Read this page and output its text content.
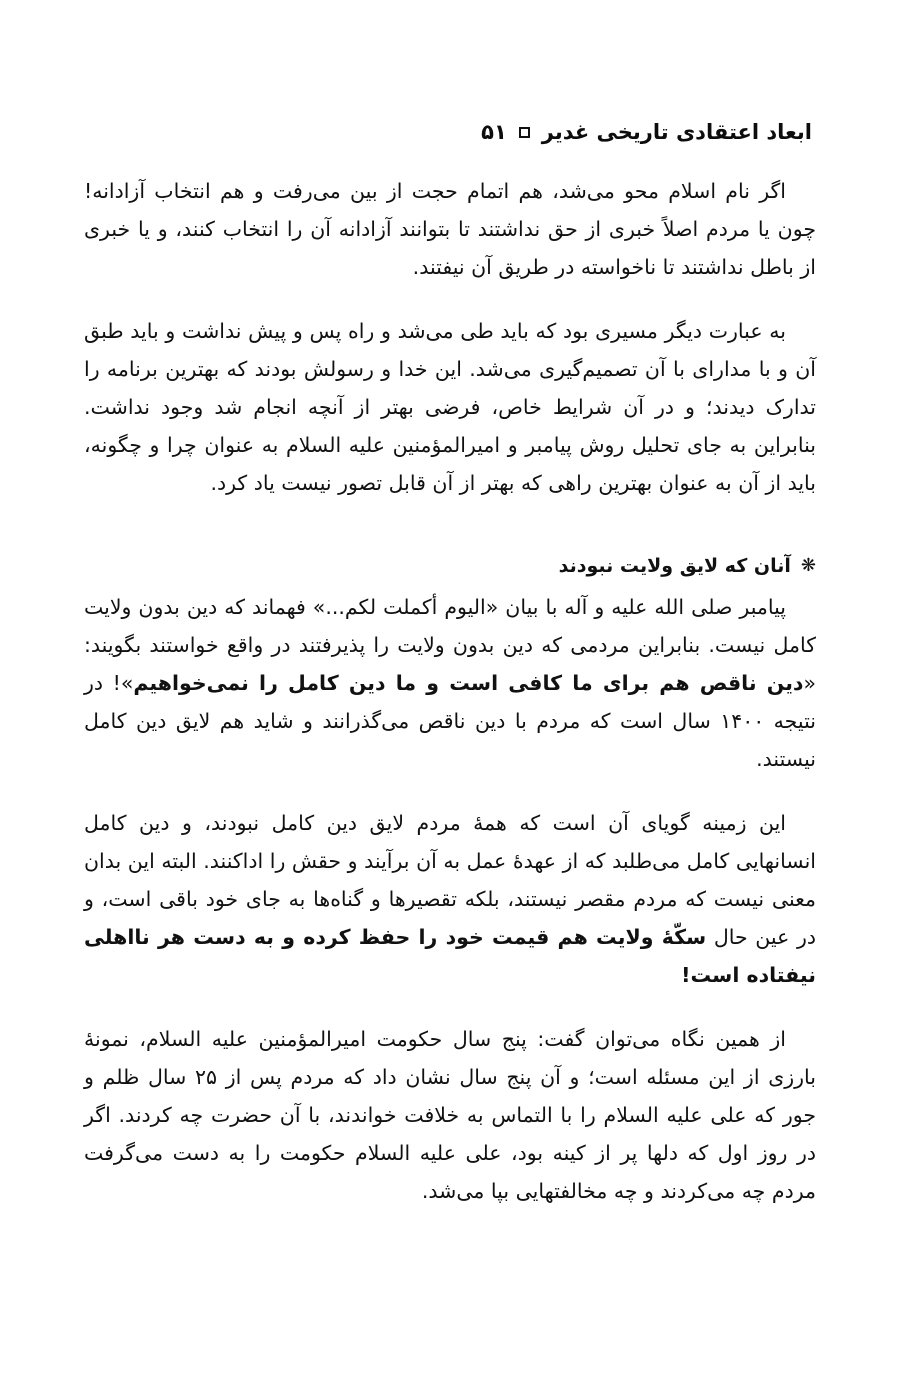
ابعاد اعتقادی تاریخی غدیر
۵۱

اگر نام اسلام محو می‌شد، هم اتمام حجت از بین می‌رفت و هم انتخاب آزادانه! چون یا مردم اصلاً خبری از حق نداشتند تا بتوانند آزادانه آن را انتخاب کنند، و یا خبری از باطل نداشتند تا ناخواسته در طریق آن نیفتند.

به عبارت دیگر مسیری بود که باید طی می‌شد و راه پس و پیش نداشت و باید طبق آن و با مدارای با آن تصمیم‌گیری می‌شد. این خدا و رسولش بودند که بهترین برنامه را تدارک دیدند؛ و در آن شرایط خاص، فرضی بهتر از آنچه انجام شد وجود نداشت. بنابراین به جای تحلیل روش پیامبر و امیرالمؤمنین علیه السلام به عنوان چرا و چگونه، باید از آن به عنوان بهترین راهی که بهتر از آن قابل تصور نیست یاد کرد.

❋
آنان که لایق ولایت نبودند

پیامبر صلی الله علیه و آله با بیان «الیوم أکملت لکم...» فهماند که دین بدون ولایت کامل نیست. بنابراین مردمی که دین بدون ولایت را پذیرفتند در واقع خواستند بگویند: «دین ناقص هم برای ما کافی است و ما دین کامل را نمی‌خواهیم»! در نتیجه ۱۴۰۰ سال است که مردم با دین ناقص می‌گذرانند و شاید هم لایق دین کامل نیستند.

این زمینه گویای آن است که همهٔ مردم لایق دین کامل نبودند، و دین کامل انسانهایی کامل می‌طلبد که از عهدهٔ عمل به آن برآیند و حقش را اداکنند. البته این بدان معنی نیست که مردم مقصر نیستند، بلکه تقصیرها و گناه‌ها به جای خود باقی است، و در عین حال سکّهٔ ولایت هم قیمت خود را حفظ کرده و به دست هر نااهلی نیفتاده است!

از همین نگاه می‌توان گفت: پنج سال حکومت امیرالمؤمنین علیه السلام، نمونهٔ بارزی از این مسئله است؛ و آن پنج سال نشان داد که مردم پس از ۲۵ سال ظلم و جور که علی علیه السلام را با التماس به خلافت خواندند، با آن حضرت چه کردند. اگر در روز اول که دلها پر از کینه بود، علی علیه السلام حکومت را به دست می‌گرفت مردم چه می‌کردند و چه مخالفتهایی بپا می‌شد.
